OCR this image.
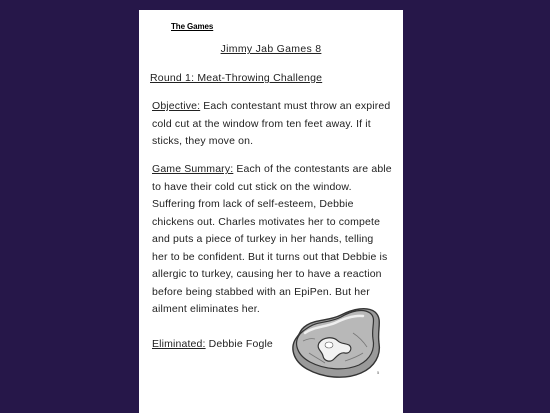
The Games
Jimmy Jab Games 8
Round 1: Meat-Throwing Challenge
Objective: Each contestant must throw an expired cold cut at the window from ten feet away. If it sticks, they move on.
Game Summary: Each of the contestants are able to have their cold cut stick on the window. Suffering from lack of self-esteem, Debbie chickens out. Charles motivates her to compete and puts a piece of turkey in her hands, telling her to be confident. But it turns out that Debbie is allergic to turkey, causing her to have a reaction before being stabbed with an EpiPen. But her ailment eliminates her.
Eliminated: Debbie Fogle
5
